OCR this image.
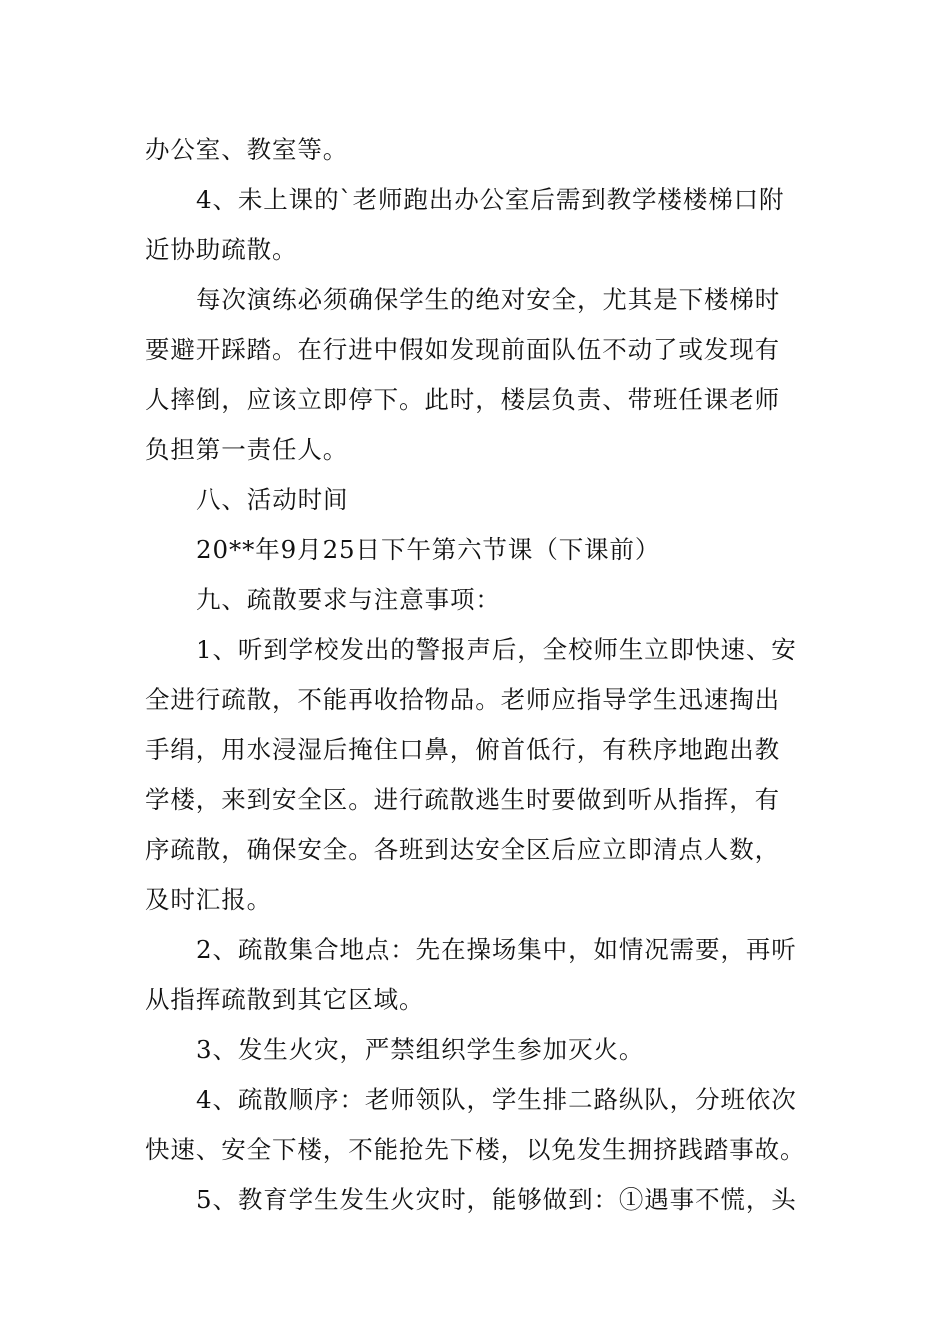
办公室、教室等。
4、未上课的`老师跑出办公室后需到教学楼楼梯口附
近协助疏散。
每次演练必须确保学生的绝对安全，尤其是下楼梯时
要避开踩踏。在行进中假如发现前面队伍不动了或发现有
人摔倒，应该立即停下。此时，楼层负责、带班任课老师
负担第一责任人。
八、活动时间
20**年9月25日下午第六节课（下课前）
九、疏散要求与注意事项：
1、听到学校发出的警报声后，全校师生立即快速、安
全进行疏散，不能再收拾物品。老师应指导学生迅速掏出
手绢，用水浸湿后掩住口鼻，俯首低行，有秩序地跑出教
学楼，来到安全区。进行疏散逃生时要做到听从指挥，有
序疏散，确保安全。各班到达安全区后应立即清点人数，
及时汇报。
2、疏散集合地点：先在操场集中，如情况需要，再听
从指挥疏散到其它区域。
3、发生火灾，严禁组织学生参加灭火。
4、疏散顺序：老师领队，学生排二路纵队，分班依次
快速、安全下楼，不能抢先下楼，以免发生拥挤践踏事故。
5、教育学生发生火灾时，能够做到：①遇事不慌，头
